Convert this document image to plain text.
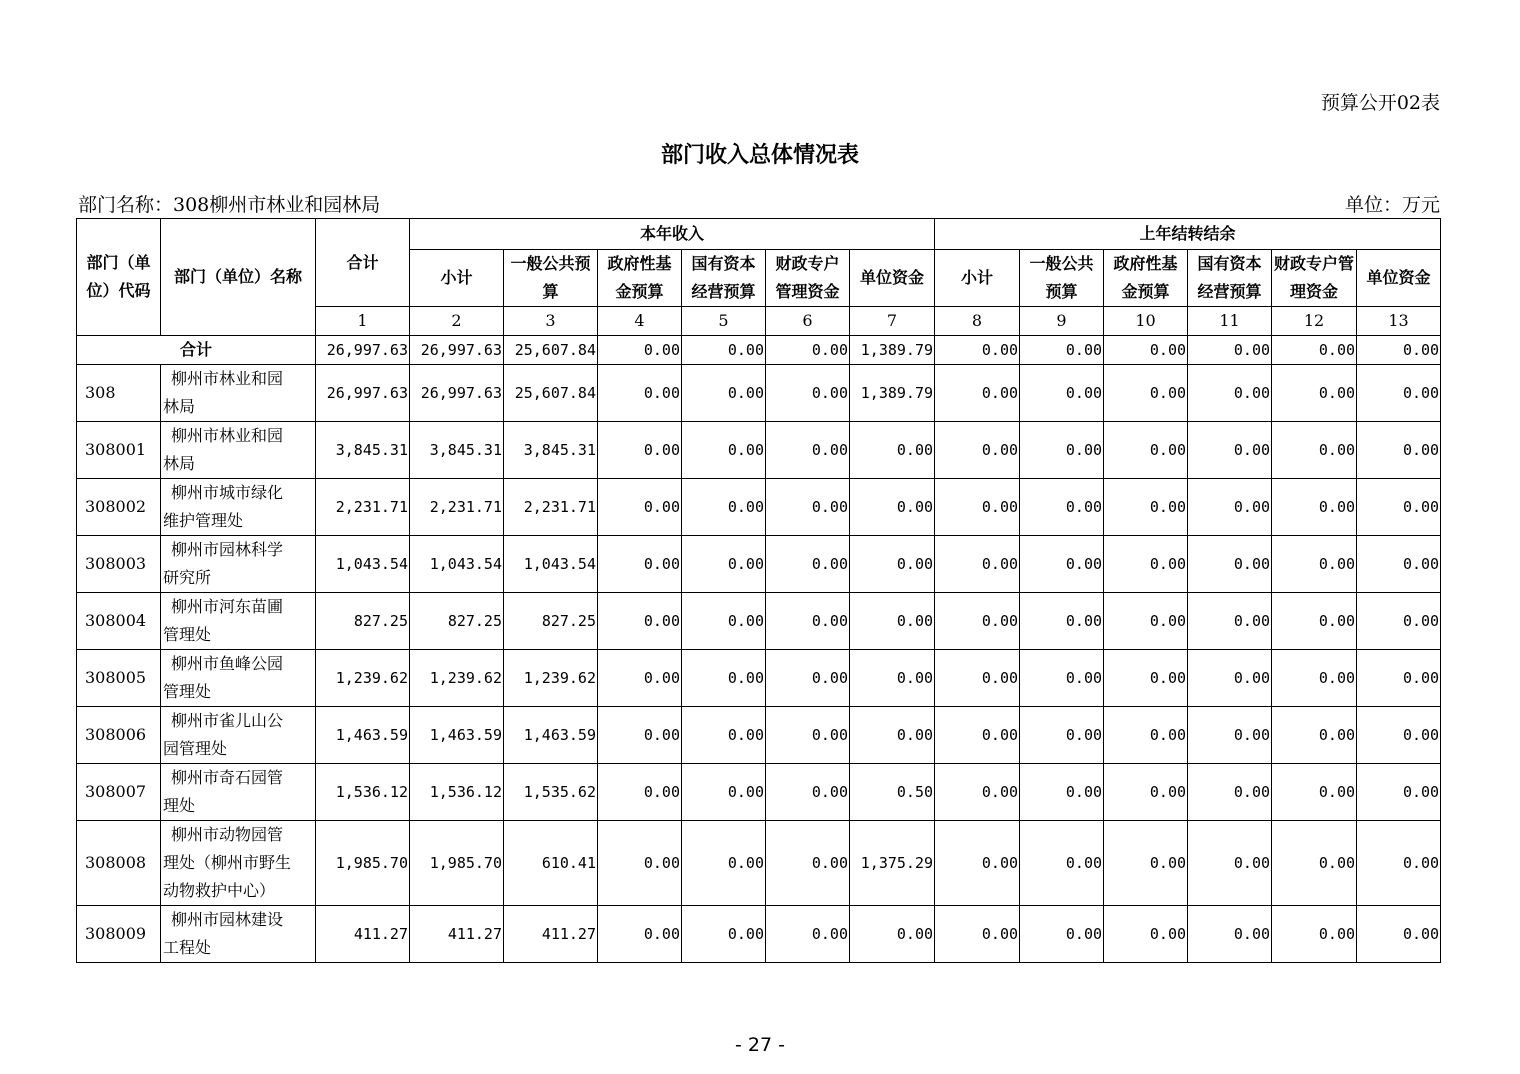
预算公开02表
部门收入总体情况表
部门名称：308柳州市林业和园林局	单位：万元
部门（单位）代码	部门（单位）名称	合计	本年收入						上年结转结余					
			小计	一般公共预算	政府性基金预算	国有资本经营预算	财政专户管理资金	单位资金	小计	一般公共预算	政府性基金预算	国有资本经营预算	财政专户管理资金	单位资金
		1	2	3	4	5	6	7	8	9	10	11	12	13
合计		26,997.63	26,997.63	25,607.84	0.00	0.00	0.00	1,389.79	0.00	0.00	0.00	0.00	0.00	0.00
308	柳州市林业和园
林局	26,997.63	26,997.63	25,607.84	0.00	0.00	0.00	1,389.79	0.00	0.00	0.00	0.00	0.00	0.00
308001	柳州市林业和园
林局	3,845.31	3,845.31	3,845.31	0.00	0.00	0.00	0.00	0.00	0.00	0.00	0.00	0.00	0.00
308002	柳州市城市绿化
维护管理处	2,231.71	2,231.71	2,231.71	0.00	0.00	0.00	0.00	0.00	0.00	0.00	0.00	0.00	0.00
308003	柳州市园林科学
研究所	1,043.54	1,043.54	1,043.54	0.00	0.00	0.00	0.00	0.00	0.00	0.00	0.00	0.00	0.00
308004	柳州市河东苗圃
管理处	827.25	827.25	827.25	0.00	0.00	0.00	0.00	0.00	0.00	0.00	0.00	0.00	0.00
308005	柳州市鱼峰公园
管理处	1,239.62	1,239.62	1,239.62	0.00	0.00	0.00	0.00	0.00	0.00	0.00	0.00	0.00	0.00
308006	柳州市雀儿山公
园管理处	1,463.59	1,463.59	1,463.59	0.00	0.00	0.00	0.00	0.00	0.00	0.00	0.00	0.00	0.00
308007	柳州市奇石园管
理处	1,536.12	1,536.12	1,535.62	0.00	0.00	0.00	0.50	0.00	0.00	0.00	0.00	0.00	0.00
308008	柳州市动物园管
理处（柳州市野生
动物救护中心）	1,985.70	1,985.70	610.41	0.00	0.00	0.00	1,375.29	0.00	0.00	0.00	0.00	0.00	0.00
308009	柳州市园林建设
工程处	411.27	411.27	411.27	0.00	0.00	0.00	0.00	0.00	0.00	0.00	0.00	0.00	0.00
- 27 -
